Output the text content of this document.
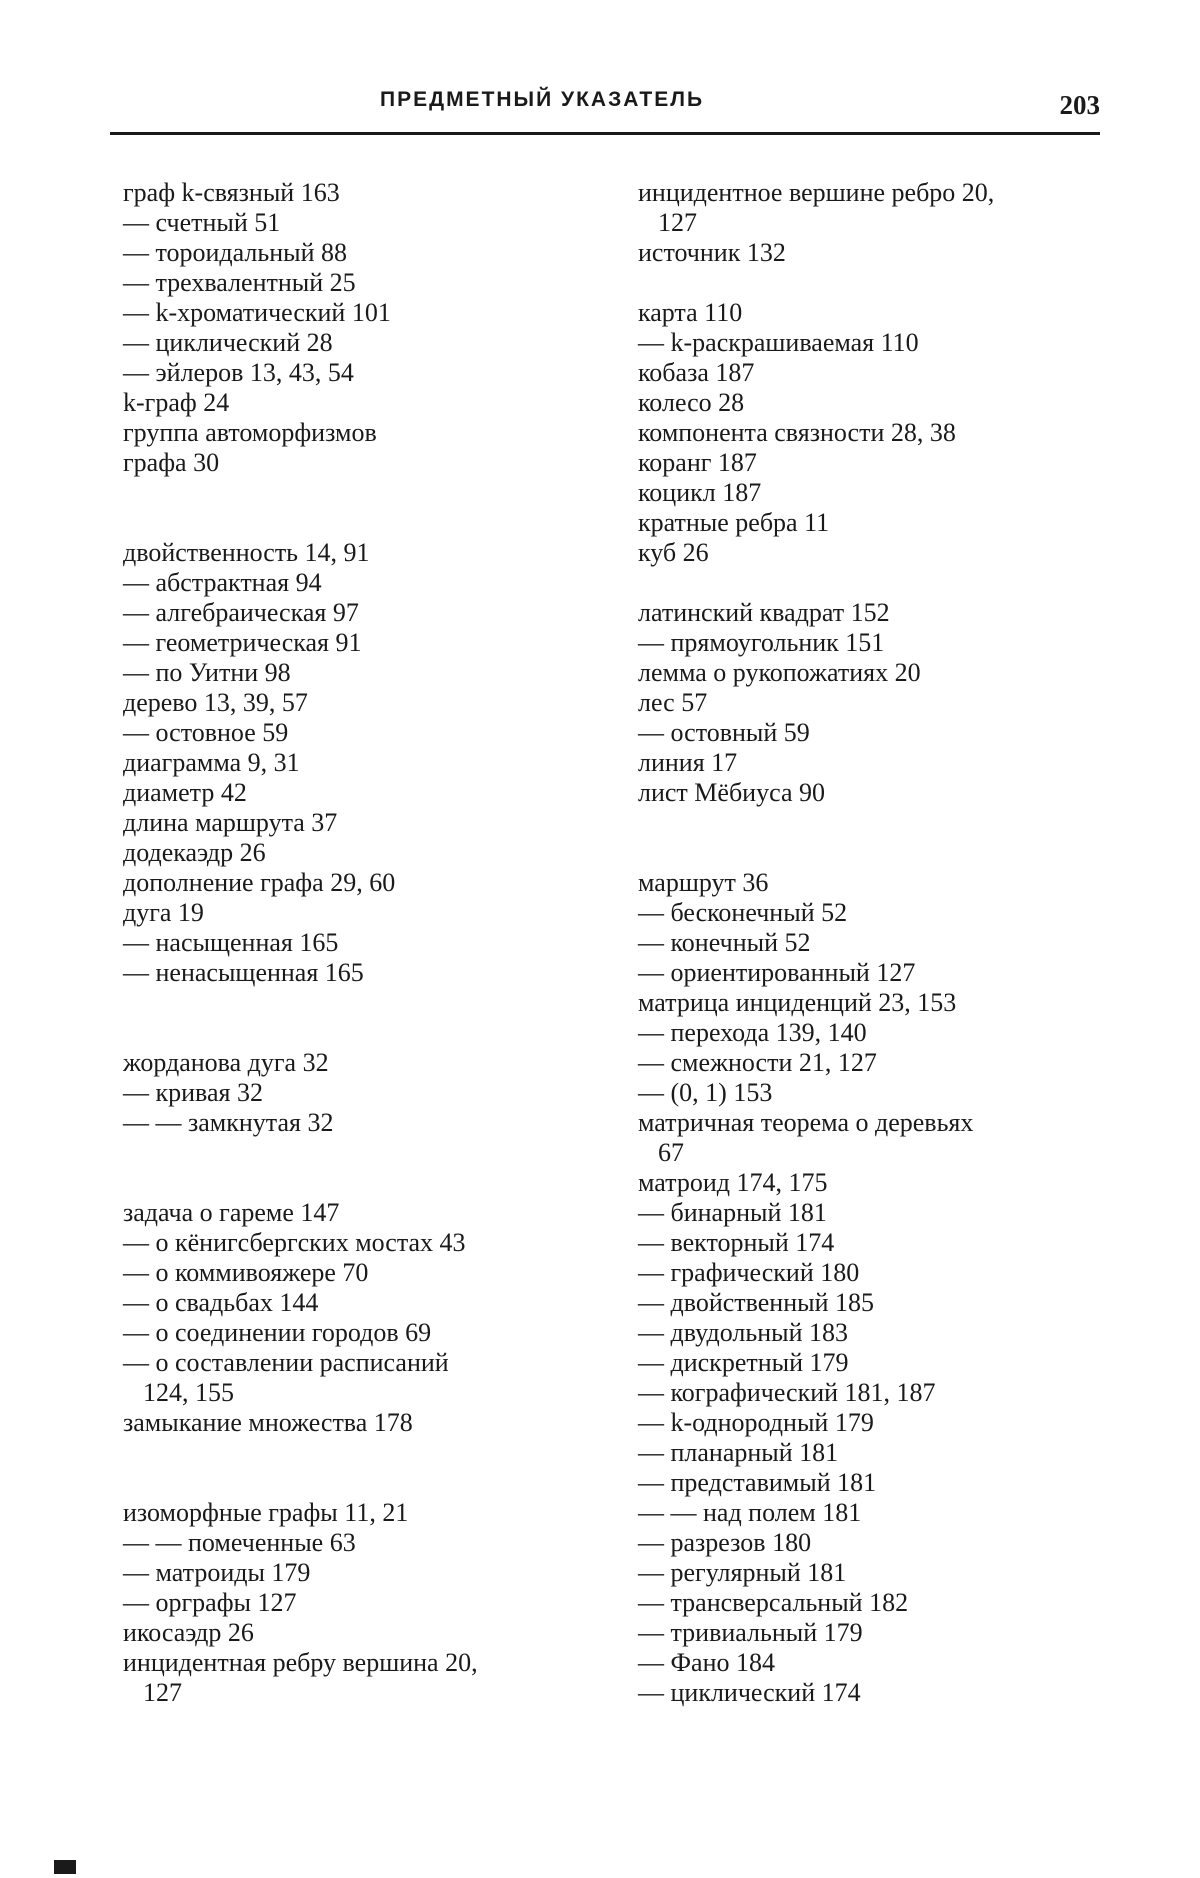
ПРЕДМЕТНЫЙ УКАЗАТЕЛЬ	203
граф k-связный 163
— счетный 51
— тороидальный 88
— трехвалентный 25
— k-хроматический 101
— циклический 28
— эйлеров 13, 43, 54
k-граф 24
группа автоморфизмов
графа 30
двойственность 14, 91
— абстрактная 94
— алгебраическая 97
— геометрическая 91
— по Уитни 98
дерево 13, 39, 57
— остовное 59
диаграмма 9, 31
диаметр 42
длина маршрута 37
додекаэдр 26
дополнение графа 29, 60
дуга 19
— насыщенная 165
— ненасыщенная 165
жорданова дуга 32
— кривая 32
— — замкнутая 32
задача о гареме 147
— о кёнигсбергских мостах 43
— о коммивояжере 70
— о свадьбах 144
— о соединении городов 69
— о составлении расписаний
124, 155
замыкание множества 178
изоморфные графы 11, 21
— — помеченные 63
— матроиды 179
— орграфы 127
икосаэдр 26
инцидентная ребру вершина 20,
127
инцидентное вершине ребро 20,
127
источник 132
карта 110
— k-раскрашиваемая 110
кобаза 187
колесо 28
компонента связности 28, 38
коранг 187
коцикл 187
кратные ребра 11
куб 26
латинский квадрат 152
— прямоугольник 151
лемма о рукопожатиях 20
лес 57
— остовный 59
линия 17
лист Мёбиуса 90
маршрут 36
— бесконечный 52
— конечный 52
— ориентированный 127
матрица инциденций 23, 153
— перехода 139, 140
— смежности 21, 127
— (0, 1) 153
матричная теорема о деревьях
67
матроид 174, 175
— бинарный 181
— векторный 174
— графический 180
— двойственный 185
— двудольный 183
— дискретный 179
— кографический 181, 187
— k-однородный 179
— планарный 181
— представимый 181
— — над полем 181
— разрезов 180
— регулярный 181
— трансверсальный 182
— тривиальный 179
— Фано 184
— циклический 174
